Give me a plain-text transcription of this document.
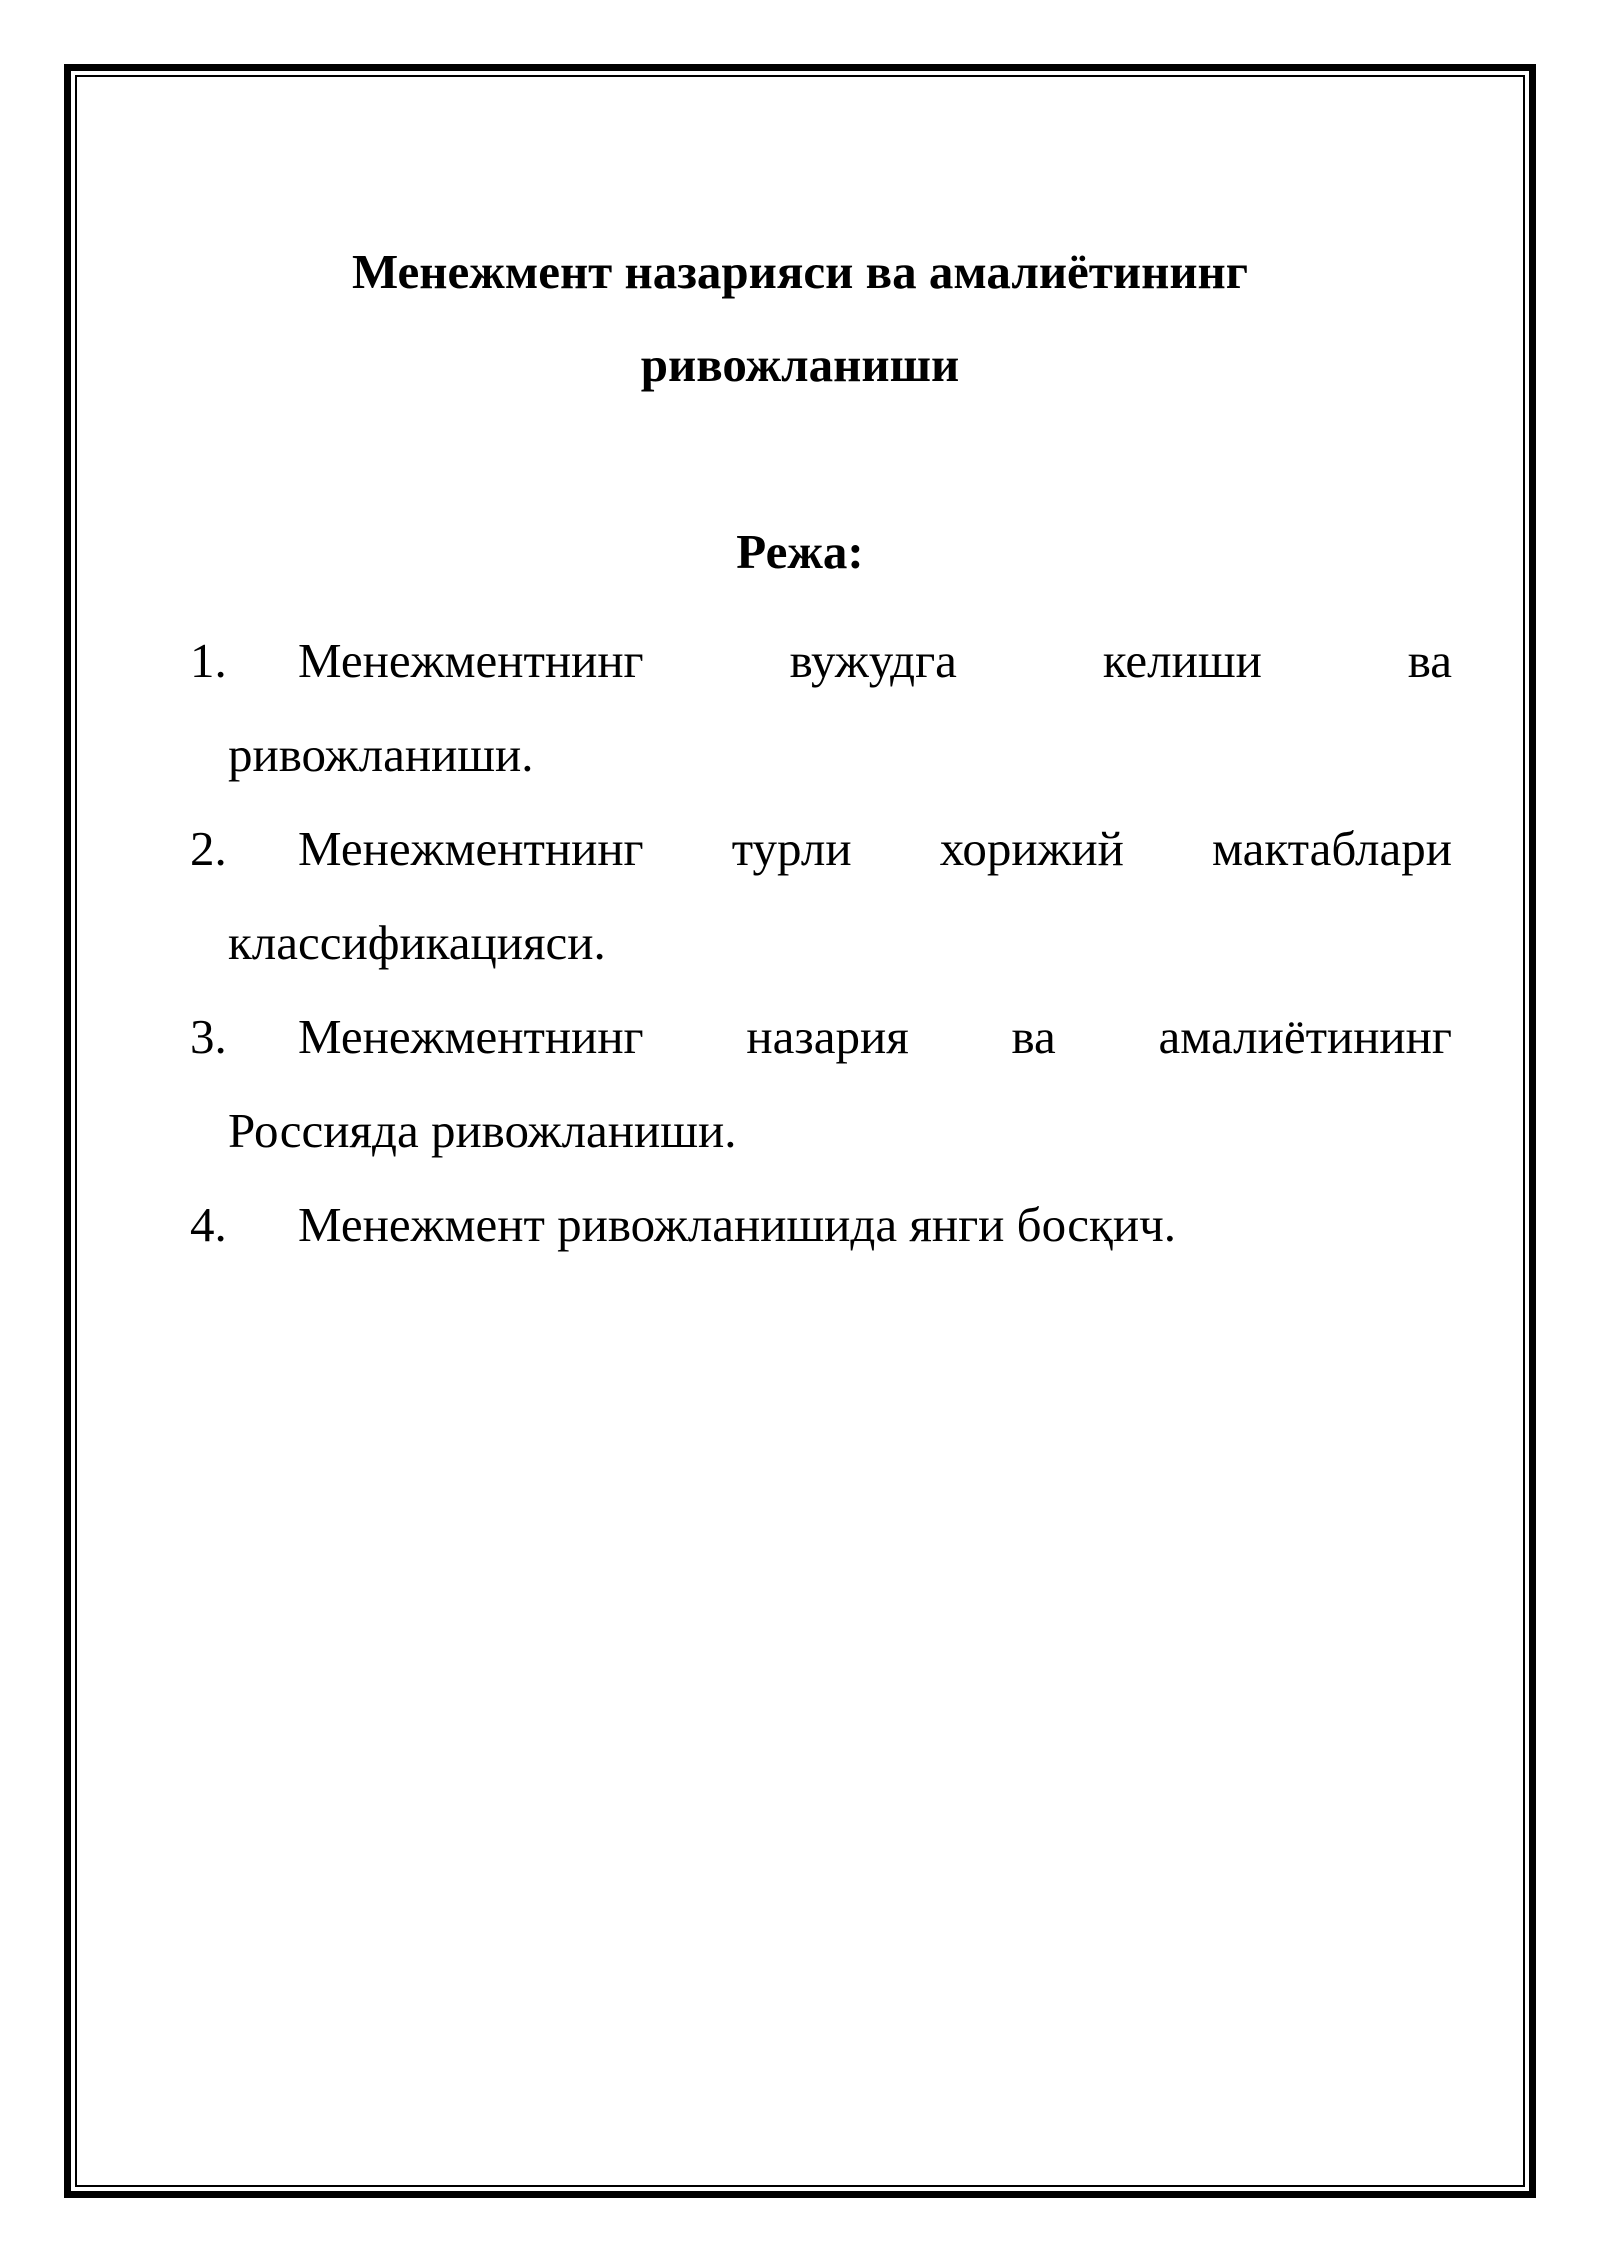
Менежмент назарияси ва амалиётининг
ривожланиши
Режа:
1. Менежментнинг	вужудга	келиши	ва
ривожланиши.
2. Менежментнинг турли хорижий мактаблари
классификацияси.
3. Менежментнинг назария ва амалиётининг
Россияда ривожланиши.
4. Менежмент ривожланишида янги босқич.
